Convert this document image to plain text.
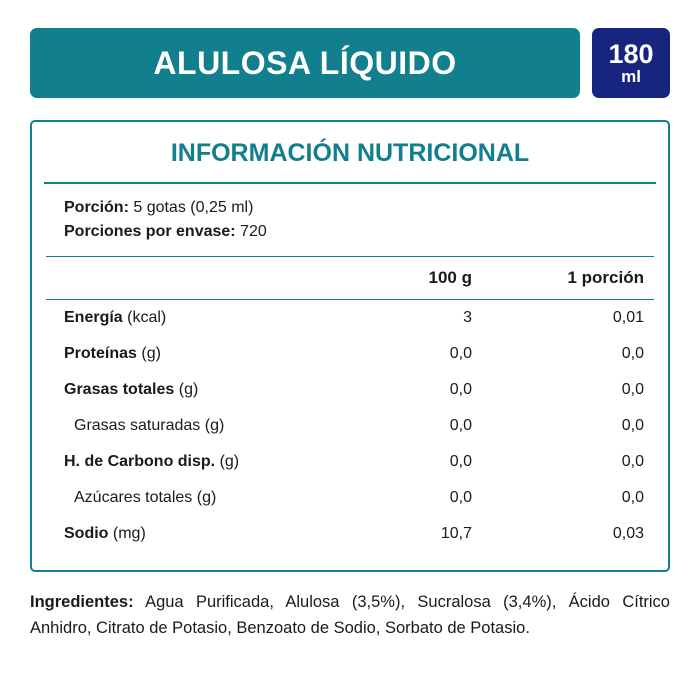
ALULOSA LÍQUIDO	180
ml
INFORMACIÓN NUTRICIONAL
Porción: 5 gotas (0,25 ml)
Porciones por envase: 720
	100 g	1 porción
Energía (kcal)	3	0,01
Proteínas (g)	0,0	0,0
Grasas totales (g)	0,0	0,0
Grasas saturadas (g)	0,0	0,0
H. de Carbono disp. (g)	0,0	0,0
Azúcares totales (g)	0,0	0,0
Sodio (mg)	10,7	0,03
Ingredientes: Agua Purificada, Alulosa (3,5%), Sucralosa (3,4%), Ácido Cítrico Anhidro, Citrato de Potasio, Benzoato de Sodio, Sorbato de Potasio.
